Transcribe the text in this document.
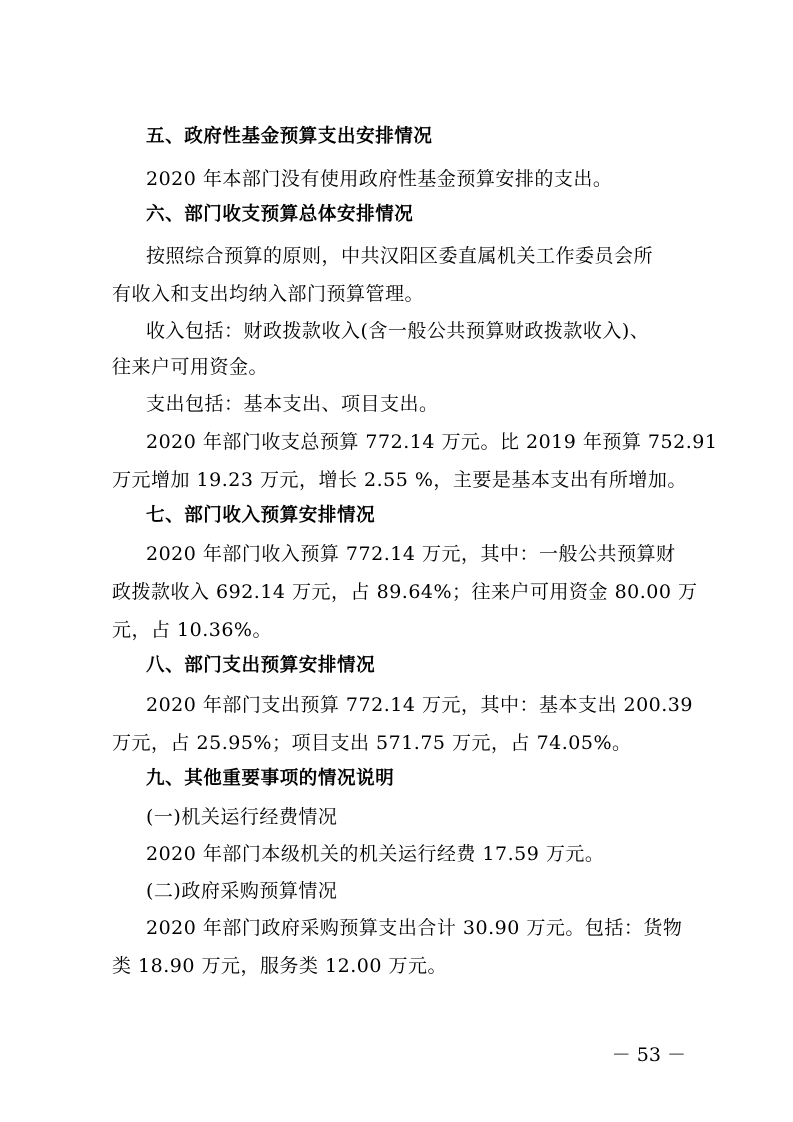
五、政府性基金预算支出安排情况
2020 年本部门没有使用政府性基金预算安排的支出。
六、部门收支预算总体安排情况
按照综合预算的原则，中共汉阳区委直属机关工作委员会所
有收入和支出均纳入部门预算管理。
收入包括：财政拨款收入(含一般公共预算财政拨款收入)、
往来户可用资金。
支出包括：基本支出、项目支出。
2020 年部门收支总预算 772.14 万元。比 2019 年预算 752.91
万元增加 19.23 万元，增长 2.55 %，主要是基本支出有所增加。
七、部门收入预算安排情况
2020 年部门收入预算 772.14 万元，其中：一般公共预算财
政拨款收入 692.14 万元，占 89.64%；往来户可用资金 80.00 万
元，占 10.36%。
八、部门支出预算安排情况
2020 年部门支出预算 772.14 万元，其中：基本支出 200.39
万元，占 25.95%；项目支出 571.75 万元，占 74.05%。
九、其他重要事项的情况说明
(一)机关运行经费情况
2020 年部门本级机关的机关运行经费 17.59 万元。
(二)政府采购预算情况
2020 年部门政府采购预算支出合计 30.90 万元。包括：货物
类 18.90 万元，服务类 12.00 万元。
－ 53 －
